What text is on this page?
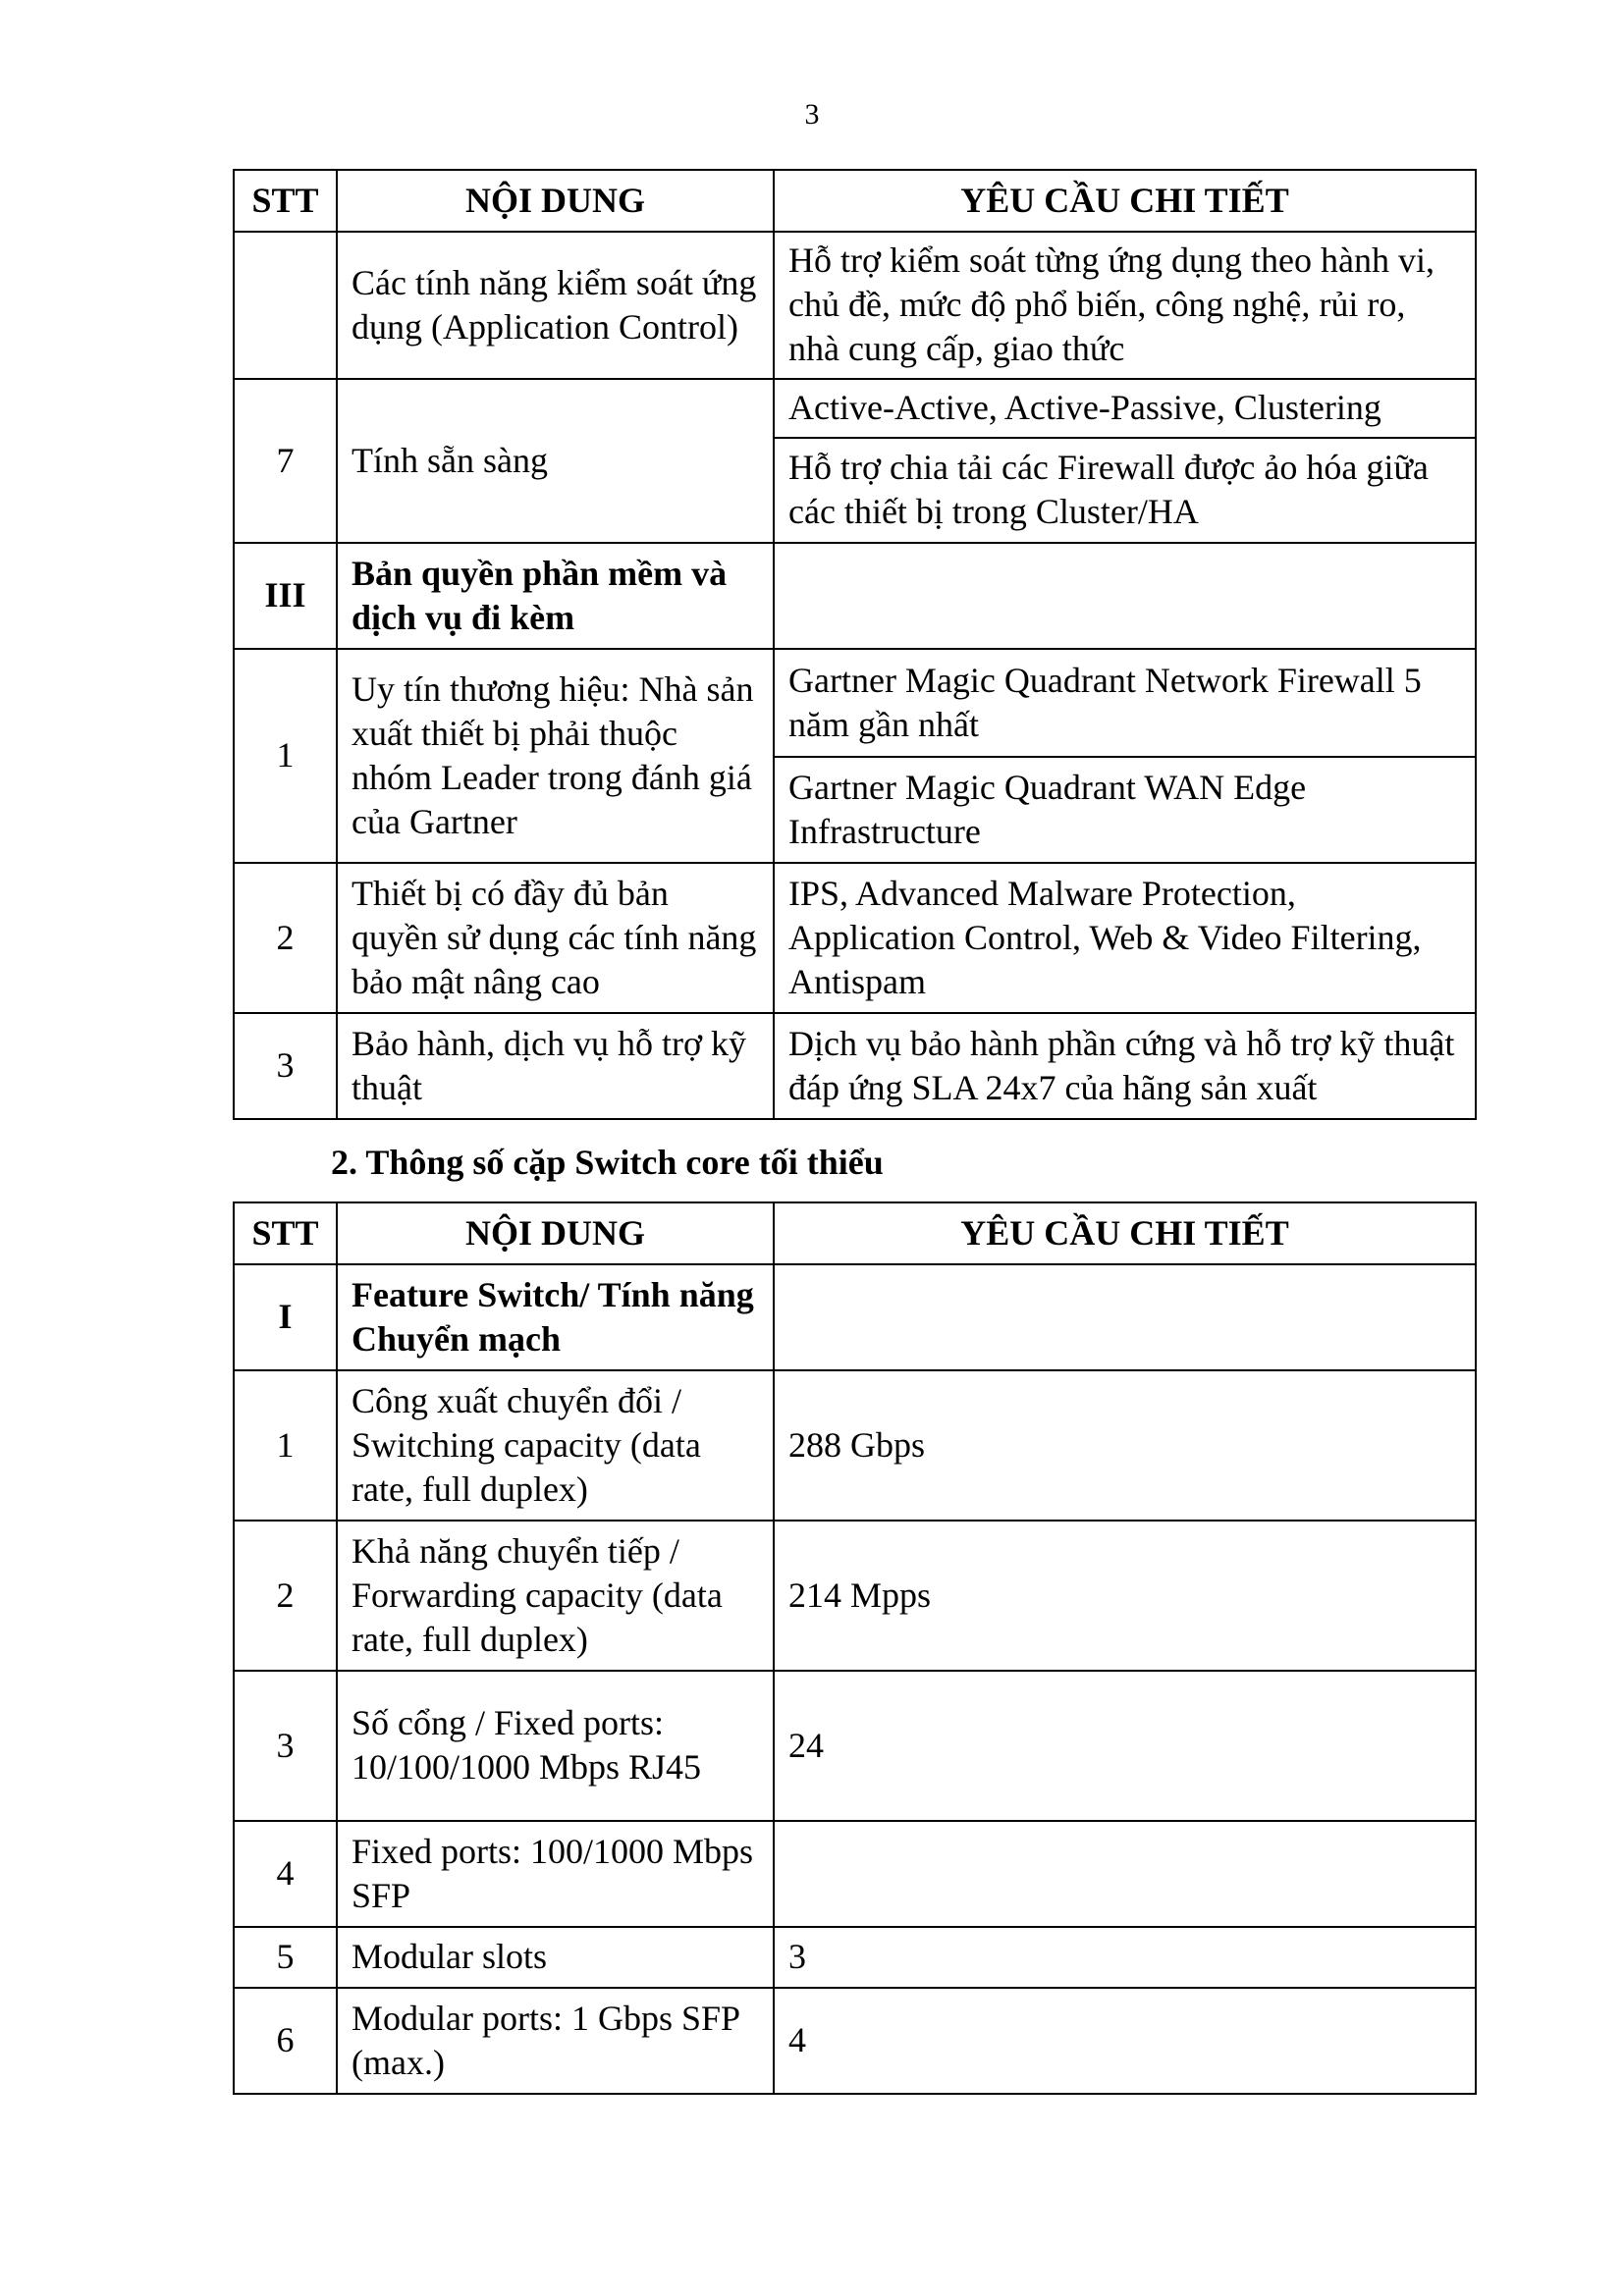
3
STT	NỘI DUNG	YÊU CẦU CHI TIẾT
	Các tính năng kiểm soát ứng dụng (Application Control)	Hỗ trợ kiểm soát từng ứng dụng theo hành vi, chủ đề, mức độ phổ biến, công nghệ, rủi ro, nhà cung cấp, giao thức
7	Tính sẵn sàng	Active-Active, Active-Passive, Clustering
		Hỗ trợ chia tải các Firewall được ảo hóa giữa các thiết bị trong Cluster/HA
III	Bản quyền phần mềm và dịch vụ đi kèm	
1	Uy tín thương hiệu: Nhà sản xuất thiết bị phải thuộc nhóm Leader trong đánh giá của Gartner	Gartner Magic Quadrant Network Firewall 5 năm gần nhất
		Gartner Magic Quadrant WAN Edge Infrastructure
2	Thiết bị có đầy đủ bản quyền sử dụng các tính năng bảo mật nâng cao	IPS, Advanced Malware Protection, Application Control, Web & Video Filtering, Antispam
3	Bảo hành, dịch vụ hỗ trợ kỹ thuật	Dịch vụ bảo hành phần cứng và hỗ trợ kỹ thuật đáp ứng SLA 24x7 của hãng sản xuất
2. Thông số cặp Switch core tối thiểu
STT	NỘI DUNG	YÊU CẦU CHI TIẾT
I	Feature Switch/ Tính năng Chuyển mạch	
1	Công xuất chuyển đổi / Switching capacity (data rate, full duplex)	288 Gbps
2	Khả năng chuyển tiếp / Forwarding capacity (data rate, full duplex)	214 Mpps
3	Số cổng / Fixed ports: 10/100/1000 Mbps RJ45	24
4	Fixed ports: 100/1000 Mbps SFP	
5	Modular slots	3
6	Modular ports: 1 Gbps SFP (max.)	4
